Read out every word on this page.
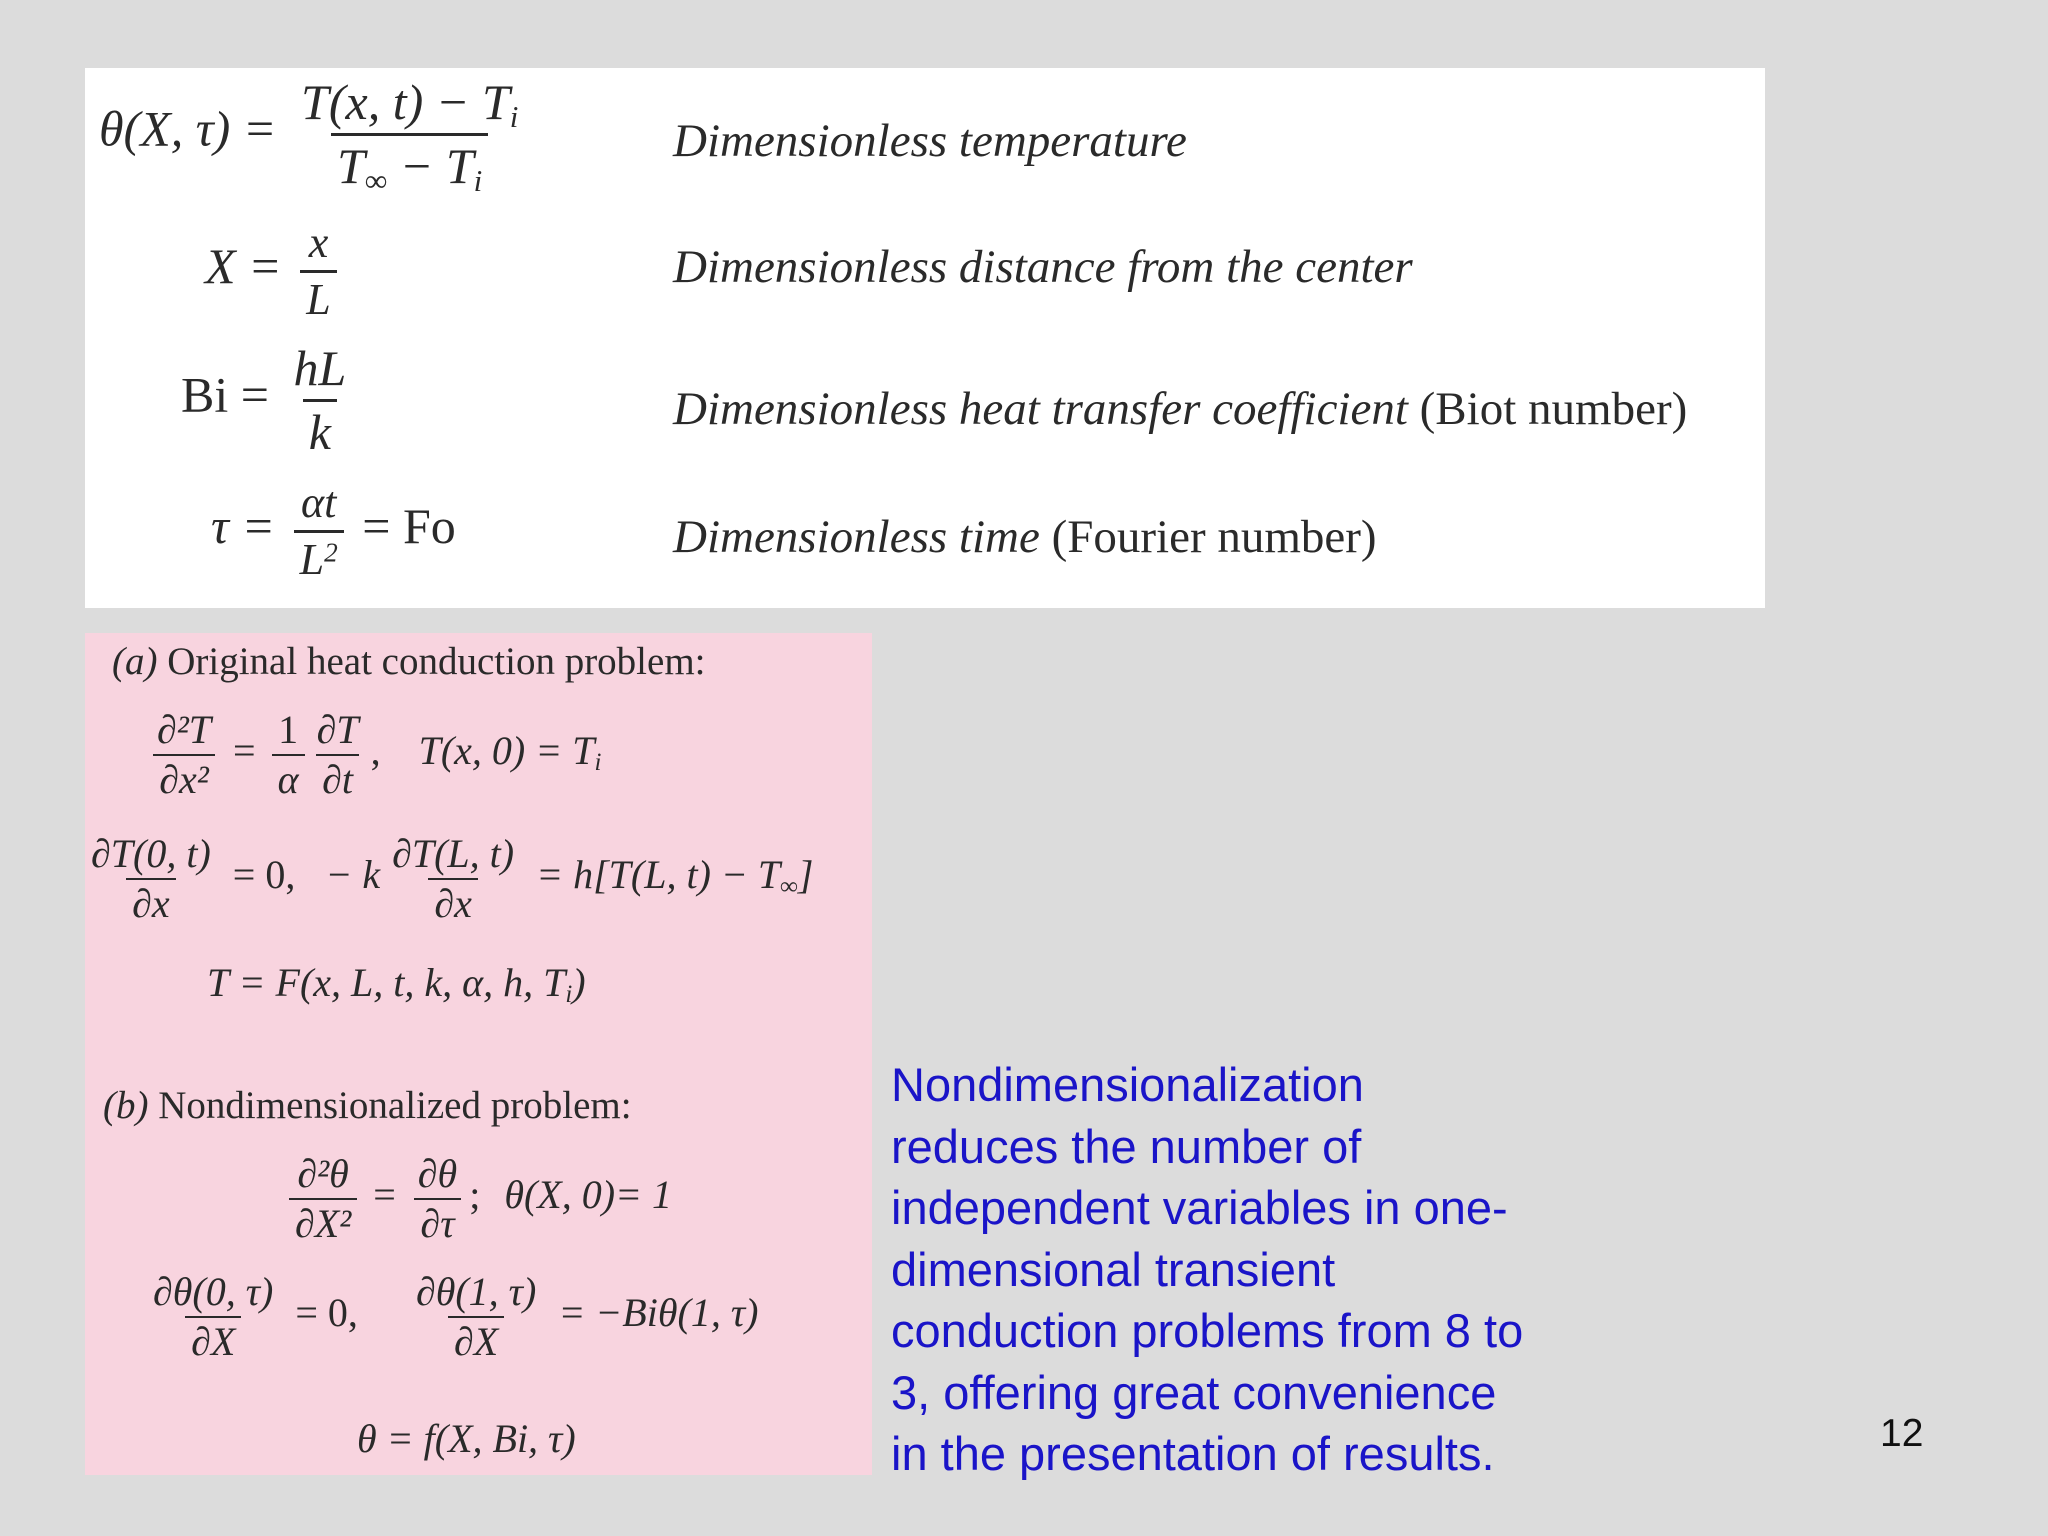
θ(X, $\tau) = \frac{T(x, t) - T_i}{T_\infty - T_i}$	Dimensionless temperature
$X = \frac{x}{L}$	Dimensionless distance from the center
$Bi = \frac{hL}{k}$	Dimensionless heat transfer coefficient (Biot number)
$\tau = \frac{\alpha t}{L^2} = Fo$	Dimensionless time (Fourier number)
(a) Original heat conduction problem:
$\frac{\text{∂²T}}{\text{∂x²}} = \frac{1}{\alpha} \frac{\partial T}{\partial t}$ , T(x, $0) = T_i$
$\frac{\partial T(0, t)}{\partial x} = 0$, − k $\frac{\partial T(L, t)}{\partial x} = h[T(L$, $t) - T_\infty$]
T = F(x, L, t, k, α, h, $T_i$)
(b) Nondimensionalized problem:
$\frac{\text{∂²θ}}{\text{∂X²}} = \frac{\partial\theta}{\partial\tau}$ ; θ(X, 0)= 1
$\frac{\partial\theta(0, \tau)}{\partial X} = 0$, $\frac{\partial\theta(1, \tau)}{\partial X} = -Bi\theta(1$, τ)
θ = f(X, Bi, τ)
Nondimensionalization
reduces the number of
independent variables in one-
dimensional transient
conduction problems from 8 to
3, offering great convenience
in the presentation of results.	12
